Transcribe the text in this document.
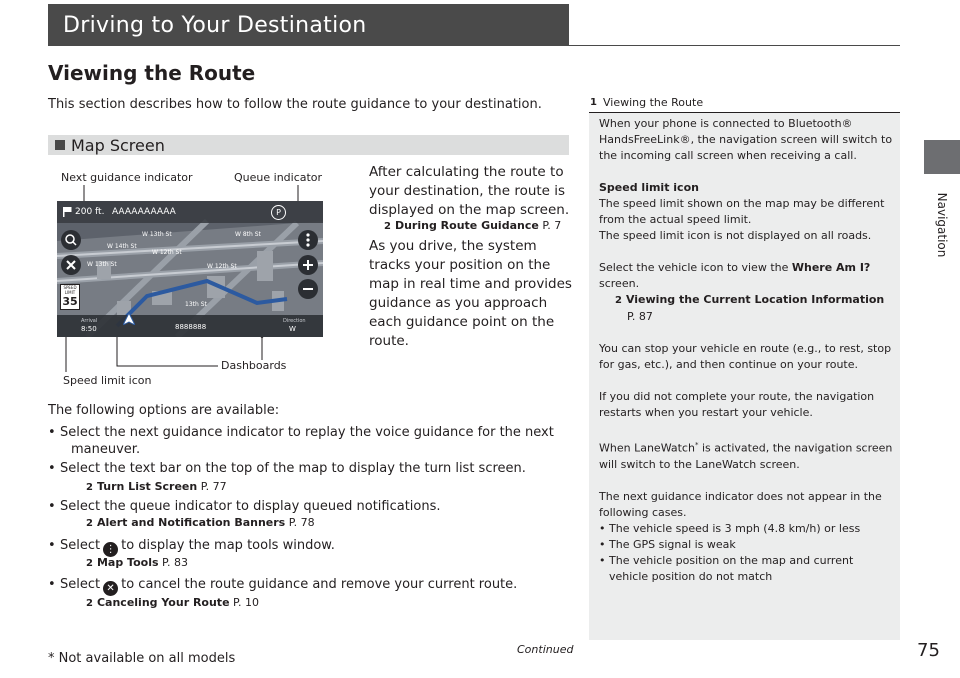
Driving to Your Destination
Navigation
Viewing the Route
This section describes how to follow the route guidance to your destination.
Map Screen
Next guidance indicator	Queue indicator
Speed limit icon
Dashboards
200 ft. AAAAAAAAAA	P
SPEED LIMIT
35
W 13th St
W 14th St
W 12th St
W 13th St	W 12th St
W 8th St
13th St
Arrival
8:50	8888888
Direction
W
After calculating the route to your destination, the route is displayed on the map screen.
2 During Route Guidance P. 7
As you drive, the system tracks your position on the map in real time and provides guidance as you approach each guidance point on the route.
The following options are available:
• Select the next guidance indicator to replay the voice guidance for the next
maneuver.
• Select the text bar on the top of the map to display the turn list screen.
2 Turn List Screen P. 77
• Select the queue indicator to display queued notifications.
2 Alert and Notification Banners P. 78
• Select ⋮ to display the map tools window.
2 Map Tools P. 83
• Select ✕ to cancel the route guidance and remove your current route.
2 Canceling Your Route P. 10
1 Viewing the Route

When your phone is connected to Bluetooth® HandsFreeLink®, the navigation screen will switch to the incoming call screen when receiving a call.

Speed limit icon
The speed limit shown on the map may be different from the actual speed limit.

The speed limit icon is not displayed on all roads.

Select the vehicle icon to view the Where Am I? screen.
2 Viewing the Current Location Information

P. 87

You can stop your vehicle en route (e.g., to rest, stop for gas, etc.), and then continue on your route.

If you did not complete your route, the navigation restarts when you restart your vehicle.

When LaneWatch* is activated, the navigation screen will switch to the LaneWatch screen.

The next guidance indicator does not appear in the following cases.
• The vehicle speed is 3 mph (4.8 km/h) or less
• The GPS signal is weak
• The vehicle position on the map and current vehicle position do not match
Continued	75
* Not available on all models
